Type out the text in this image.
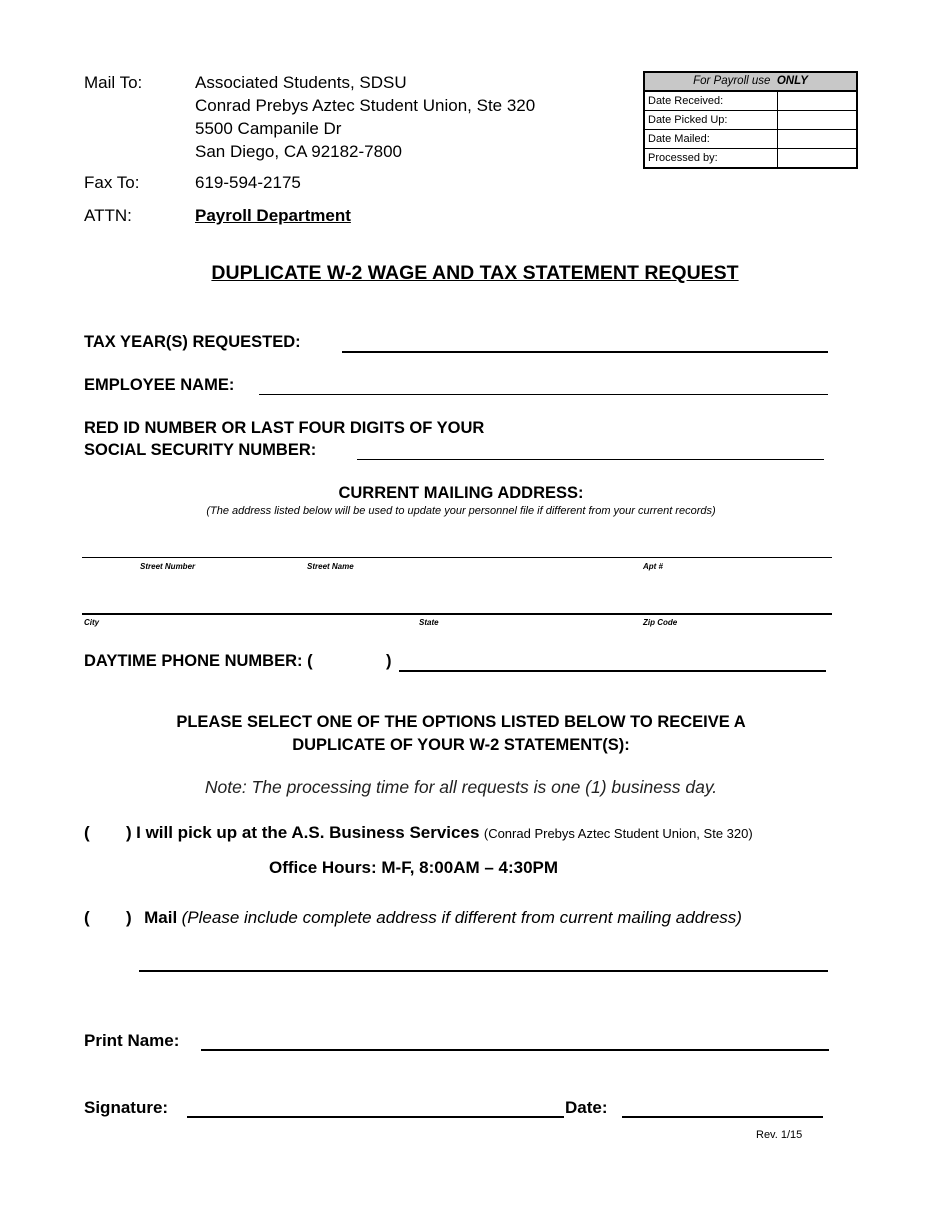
Mail To:	Associated Students, SDSU
Conrad Prebys Aztec Student Union, Ste 320
5500 Campanile Dr
San Diego, CA 92182-7800
Fax To:	619-594-2175
ATTN:	Payroll Department
For Payroll use ONLY
Date Received:	
Date Picked Up:	
Date Mailed:	
Processed by:	
DUPLICATE W-2 WAGE AND TAX STATEMENT REQUEST
TAX YEAR(S) REQUESTED:
EMPLOYEE NAME:
RED ID NUMBER OR LAST FOUR DIGITS OF YOUR
SOCIAL SECURITY NUMBER:
CURRENT MAILING ADDRESS:
(The address listed below will be used to update your personnel file if different from your current records)
Street Number	Street Name	Apt #
City	State	Zip Code
DAYTIME PHONE NUMBER: (	)
PLEASE SELECT ONE OF THE OPTIONS LISTED BELOW TO RECEIVE A
DUPLICATE OF YOUR W-2 STATEMENT(S):
Note: The processing time for all requests is one (1) business day.
( ) I will pick up at the A.S. Business Services (Conrad Prebys Aztec Student Union, Ste 320)
Office Hours: M-F, 8:00AM – 4:30PM
( ) Mail (Please include complete address if different from current mailing address)
Print Name:
Signature:	Date:
Rev. 1/15
